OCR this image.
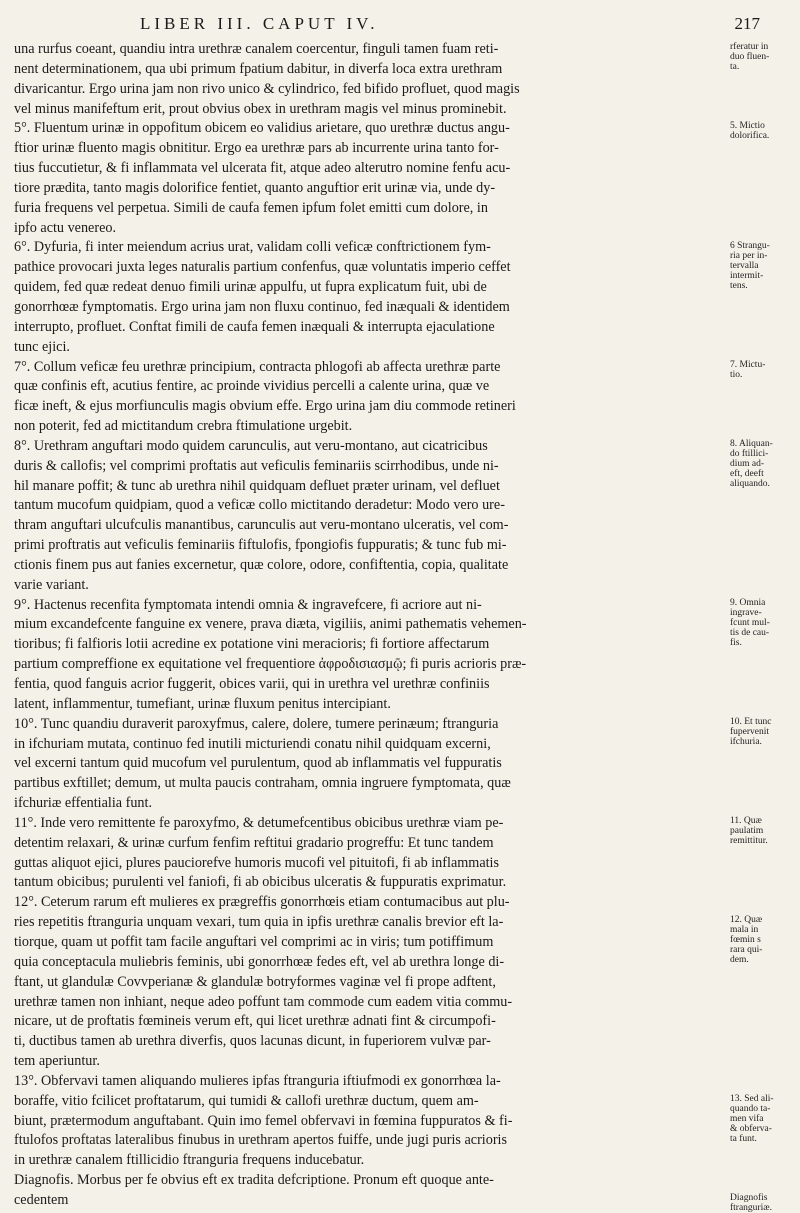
LIBER III. CAPUT IV.	217

una rurfus coeant, quandiu intra urethræ canalem coercentur, finguli tamen fuam reti-

nent determinationem, qua ubi primum fpatium dabitur, in diverfa loca extra urethram

divaricantur. Ergo urina jam non rivo unico & cylindrico, fed bifido profluet, quod magis

vel minus manifeftum erit, prout obvius obex in urethram magis vel minus prominebit.

5°. Fluentum urinæ in oppofitum obicem eo validius arietare, quo urethræ ductus angu-

ftior urinæ fluento magis obnititur. Ergo ea urethræ pars ab incurrente urina tanto for-

tius fuccutietur, & fi inflammata vel ulcerata fit, atque adeo alterutro nomine fenfu acu-

tiore prædita, tanto magis dolorifice fentiet, quanto anguftior erit urinæ via, unde dy-

furia frequens vel perpetua. Simili de caufa femen ipfum folet emitti cum dolore, in

ipfo actu venereo.

6°. Dyfuria, fi inter meiendum acrius urat, validam colli veficæ conftrictionem fym-

pathice provocari juxta leges naturalis partium confenfus, quæ voluntatis imperio ceffet

quidem, fed quæ redeat denuo fimili urinæ appulfu, ut fupra explicatum fuit, ubi de

gonorrhœæ fymptomatis. Ergo urina jam non fluxu continuo, fed inæquali & identidem

interrupto, profluet. Conftat fimili de caufa femen inæquali & interrupta ejaculatione

tunc ejici.

7°. Collum veficæ feu urethræ principium, contracta phlogofi ab affecta urethræ parte

quæ confinis eft, acutius fentire, ac proinde vividius percelli a calente urina, quæ ve

ficæ ineft, & ejus morfiunculis magis obvium effe. Ergo urina jam diu commode retineri

non poterit, fed ad mictitandum crebra ftimulatione urgebit.

8°. Urethram anguftari modo quidem carunculis, aut veru-montano, aut cicatricibus

duris & callofis; vel comprimi proftatis aut veficulis feminariis scirrhodibus, unde ni-

hil manare poffit; & tunc ab urethra nihil quidquam defluet præter urinam, vel defluet

tantum mucofum quidpiam, quod a veficæ collo mictitando deradetur: Modo vero ure-

thram anguftari ulcufculis manantibus, carunculis aut veru-montano ulceratis, vel com-

primi proftratis aut veficulis feminariis fiftulofis, fpongiofis fuppuratis; & tunc fub mi-

ctionis finem pus aut fanies excernetur, quæ colore, odore, confiftentia, copia, qualitate

varie variant.

9°. Hactenus recenfita fymptomata intendi omnia & ingravefcere, fi acriore aut ni-

mium excandefcente fanguine ex venere, prava diæta, vigiliis, animi pathematis vehemen-

tioribus; fi falfioris lotii acredine ex potatione vini meracioris; fi fortiore affectarum

partium compreffione ex equitatione vel frequentiore ἀφροδισιασμῷ; fi puris acrioris præ-

fentia, quod fanguis acrior fuggerit, obices varii, qui in urethra vel urethræ confiniis

latent, inflammentur, tumefiant, urinæ fluxum penitus intercipiant.

10°. Tunc quandiu duraverit paroxyfmus, calere, dolere, tumere perinæum; ftranguria

in ifchuriam mutata, continuo fed inutili micturiendi conatu nihil quidquam excerni,

vel excerni tantum quid mucofum vel purulentum, quod ab inflammatis vel fuppuratis

partibus exftillet; demum, ut multa paucis contraham, omnia ingruere fymptomata, quæ

ifchuriæ effentialia funt.

11°. Inde vero remittente fe paroxyfmo, & detumefcentibus obicibus urethræ viam pe-

detentim relaxari, & urinæ curfum fenfim reftitui gradario progreffu: Et tunc tandem

guttas aliquot ejici, plures pauciorefve humoris mucofi vel pituitofi, fi ab inflammatis

tantum obicibus; purulenti vel faniofi, fi ab obicibus ulceratis & fuppuratis exprimatur.

12°. Ceterum rarum eft mulieres ex prægreffis gonorrhœis etiam contumacibus aut plu-

ries repetitis ftranguria unquam vexari, tum quia in ipfis urethræ canalis brevior eft la-

tiorque, quam ut poffit tam facile anguftari vel comprimi ac in viris; tum potiffimum

quia conceptacula muliebris feminis, ubi gonorrhœæ fedes eft, vel ab urethra longe di-

ftant, ut glandulæ Covvperianæ & glandulæ botryformes vaginæ vel fi prope adftent,

urethræ tamen non inhiant, neque adeo poffunt tam commode cum eadem vitia commu-

nicare, ut de proftatis fœmineis verum eft, qui licet urethræ adnati fint & circumpofi-

ti, ductibus tamen ab urethra diverfis, quos lacunas dicunt, in fuperiorem vulvæ par-

tem aperiuntur.

13°. Obfervavi tamen aliquando mulieres ipfas ftranguria iftiufmodi ex gonorrhœa la-

boraffe, vitio fcilicet proftatarum, qui tumidi & callofi urethræ ductum, quem am-

biunt, prætermodum anguftabant. Quin imo femel obfervavi in fœmina fuppuratos & fi-

ftulofos proftatas lateralibus finubus in urethram apertos fuiffe, unde jugi puris acrioris

in urethræ canalem ftillicidio ftranguria frequens inducebatur.

Diagnofis. Morbus per fe obvius eft ex tradita defcriptione. Pronum eft quoque ante-

cedentem

rferatur in
duo fluen-
ta.
5. Mictio
dolorifica.
6 Strangu-
ria per in-
tervalla
intermit-
tens.
7. Mictu-
tio.
8. Aliquan-
do ftillici-
dium ad-
eft, deeft
aliquando.
9. Omnia
ingrave-
fcunt mul-
tis de cau-
fis.
10. Et tunc
fupervenit
ifchuria.
11. Quæ
paulatim
remittitur.
12. Quæ
mala in
fœmin s
rara qui-
dem.
13. Sed ali-
quando ta-
men vifa
& obferva-
ta funt.
Diagnofis
ftranguriæ.
